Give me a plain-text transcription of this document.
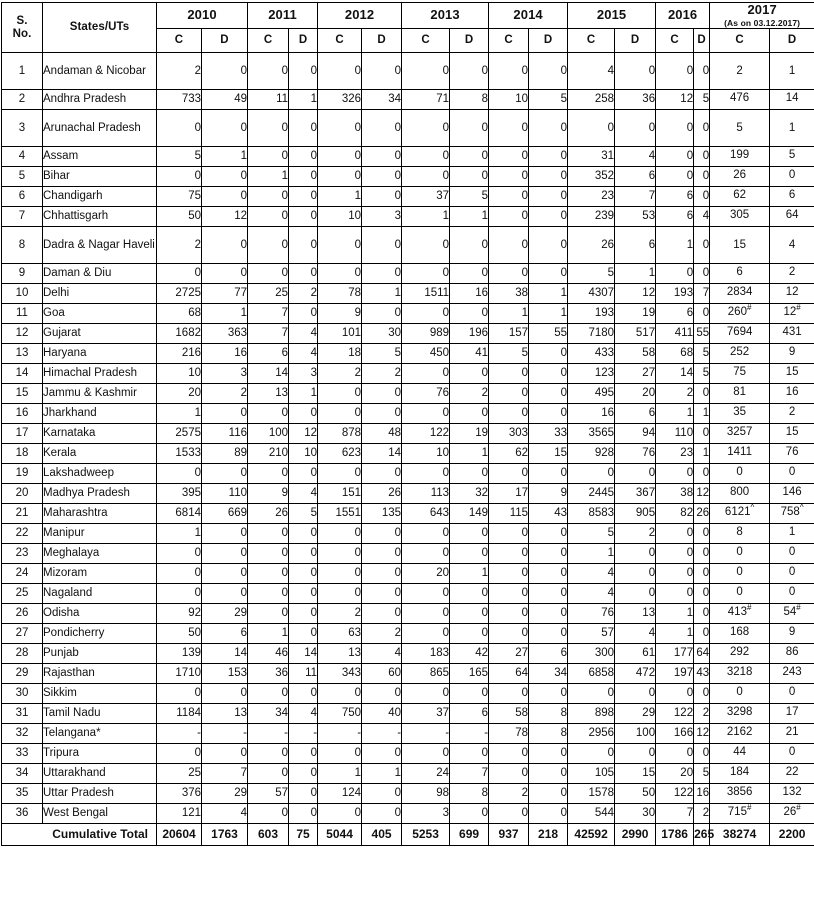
S.
No.	States/UTs	2010		2011		2012		2013		2014		2015		2016		2017
(As on 03.12.2017)	

		C	D	C	D	C	D	C	D	C	D	C	D	C	D	C	D
1	Andaman & Nicobar	2	0	0	0	0	0	0	0	0	0	4	0	0	0	2	1
2	Andhra Pradesh	733	49	11	1	326	34	71	8	10	5	258	36	12	5	476	14
3	Arunachal Pradesh	0	0	0	0	0	0	0	0	0	0	0	0	0	0	5	1
4	Assam	5	1	0	0	0	0	0	0	0	0	31	4	0	0	199	5
5	Bihar	0	0	1	0	0	0	0	0	0	0	352	6	0	0	26	0
6	Chandigarh	75	0	0	0	1	0	37	5	0	0	23	7	6	0	62	6
7	Chhattisgarh	50	12	0	0	10	3	1	1	0	0	239	53	6	4	305	64
8	Dadra & Nagar Haveli	2	0	0	0	0	0	0	0	0	0	26	6	1	0	15	4
9	Daman & Diu	0	0	0	0	0	0	0	0	0	0	5	1	0	0	6	2
10	Delhi	2725	77	25	2	78	1	1511	16	38	1	4307	12	193	7	2834	12
11	Goa	68	1	7	0	9	0	0	0	1	1	193	19	6	0	260#	12#
12	Gujarat	1682	363	7	4	101	30	989	196	157	55	7180	517	411	55	7694	431
13	Haryana	216	16	6	4	18	5	450	41	5	0	433	58	68	5	252	9
14	Himachal Pradesh	10	3	14	3	2	2	0	0	0	0	123	27	14	5	75	15
15	Jammu & Kashmir	20	2	13	1	0	0	76	2	0	0	495	20	2	0	81	16
16	Jharkhand	1	0	0	0	0	0	0	0	0	0	16	6	1	1	35	2
17	Karnataka	2575	116	100	12	878	48	122	19	303	33	3565	94	110	0	3257	15
18	Kerala	1533	89	210	10	623	14	10	1	62	15	928	76	23	1	1411	76
19	Lakshadweep	0	0	0	0	0	0	0	0	0	0	0	0	0	0	0	0
20	Madhya Pradesh	395	110	9	4	151	26	113	32	17	9	2445	367	38	12	800	146
21	Maharashtra	6814	669	26	5	1551	135	643	149	115	43	8583	905	82	26	6121^	758^
22	Manipur	1	0	0	0	0	0	0	0	0	0	5	2	0	0	8	1
23	Meghalaya	0	0	0	0	0	0	0	0	0	0	1	0	0	0	0	0
24	Mizoram	0	0	0	0	0	0	20	1	0	0	4	0	0	0	0	0
25	Nagaland	0	0	0	0	0	0	0	0	0	0	4	0	0	0	0	0
26	Odisha	92	29	0	0	2	0	0	0	0	0	76	13	1	0	413#	54#
27	Pondicherry	50	6	1	0	63	2	0	0	0	0	57	4	1	0	168	9
28	Punjab	139	14	46	14	13	4	183	42	27	6	300	61	177	64	292	86
29	Rajasthan	1710	153	36	11	343	60	865	165	64	34	6858	472	197	43	3218	243
30	Sikkim	0	0	0	0	0	0	0	0	0	0	0	0	0	0	0	0
31	Tamil Nadu	1184	13	34	4	750	40	37	6	58	8	898	29	122	2	3298	17
32	Telangana*	-	-	-	-	-	-	-	-	78	8	2956	100	166	12	2162	21
33	Tripura	0	0	0	0	0	0	0	0	0	0	0	0	0	0	44	0
34	Uttarakhand	25	7	0	0	1	1	24	7	0	0	105	15	20	5	184	22
35	Uttar Pradesh	376	29	57	0	124	0	98	8	2	0	1578	50	122	16	3856	132
36	West Bengal	121	4	0	0	0	0	3	0	0	0	544	30	7	2	715#	26#
Cumulative Total		20604	1763	603	75	5044	405	5253	699	937	218	42592	2990	1786	265	38274	2200
